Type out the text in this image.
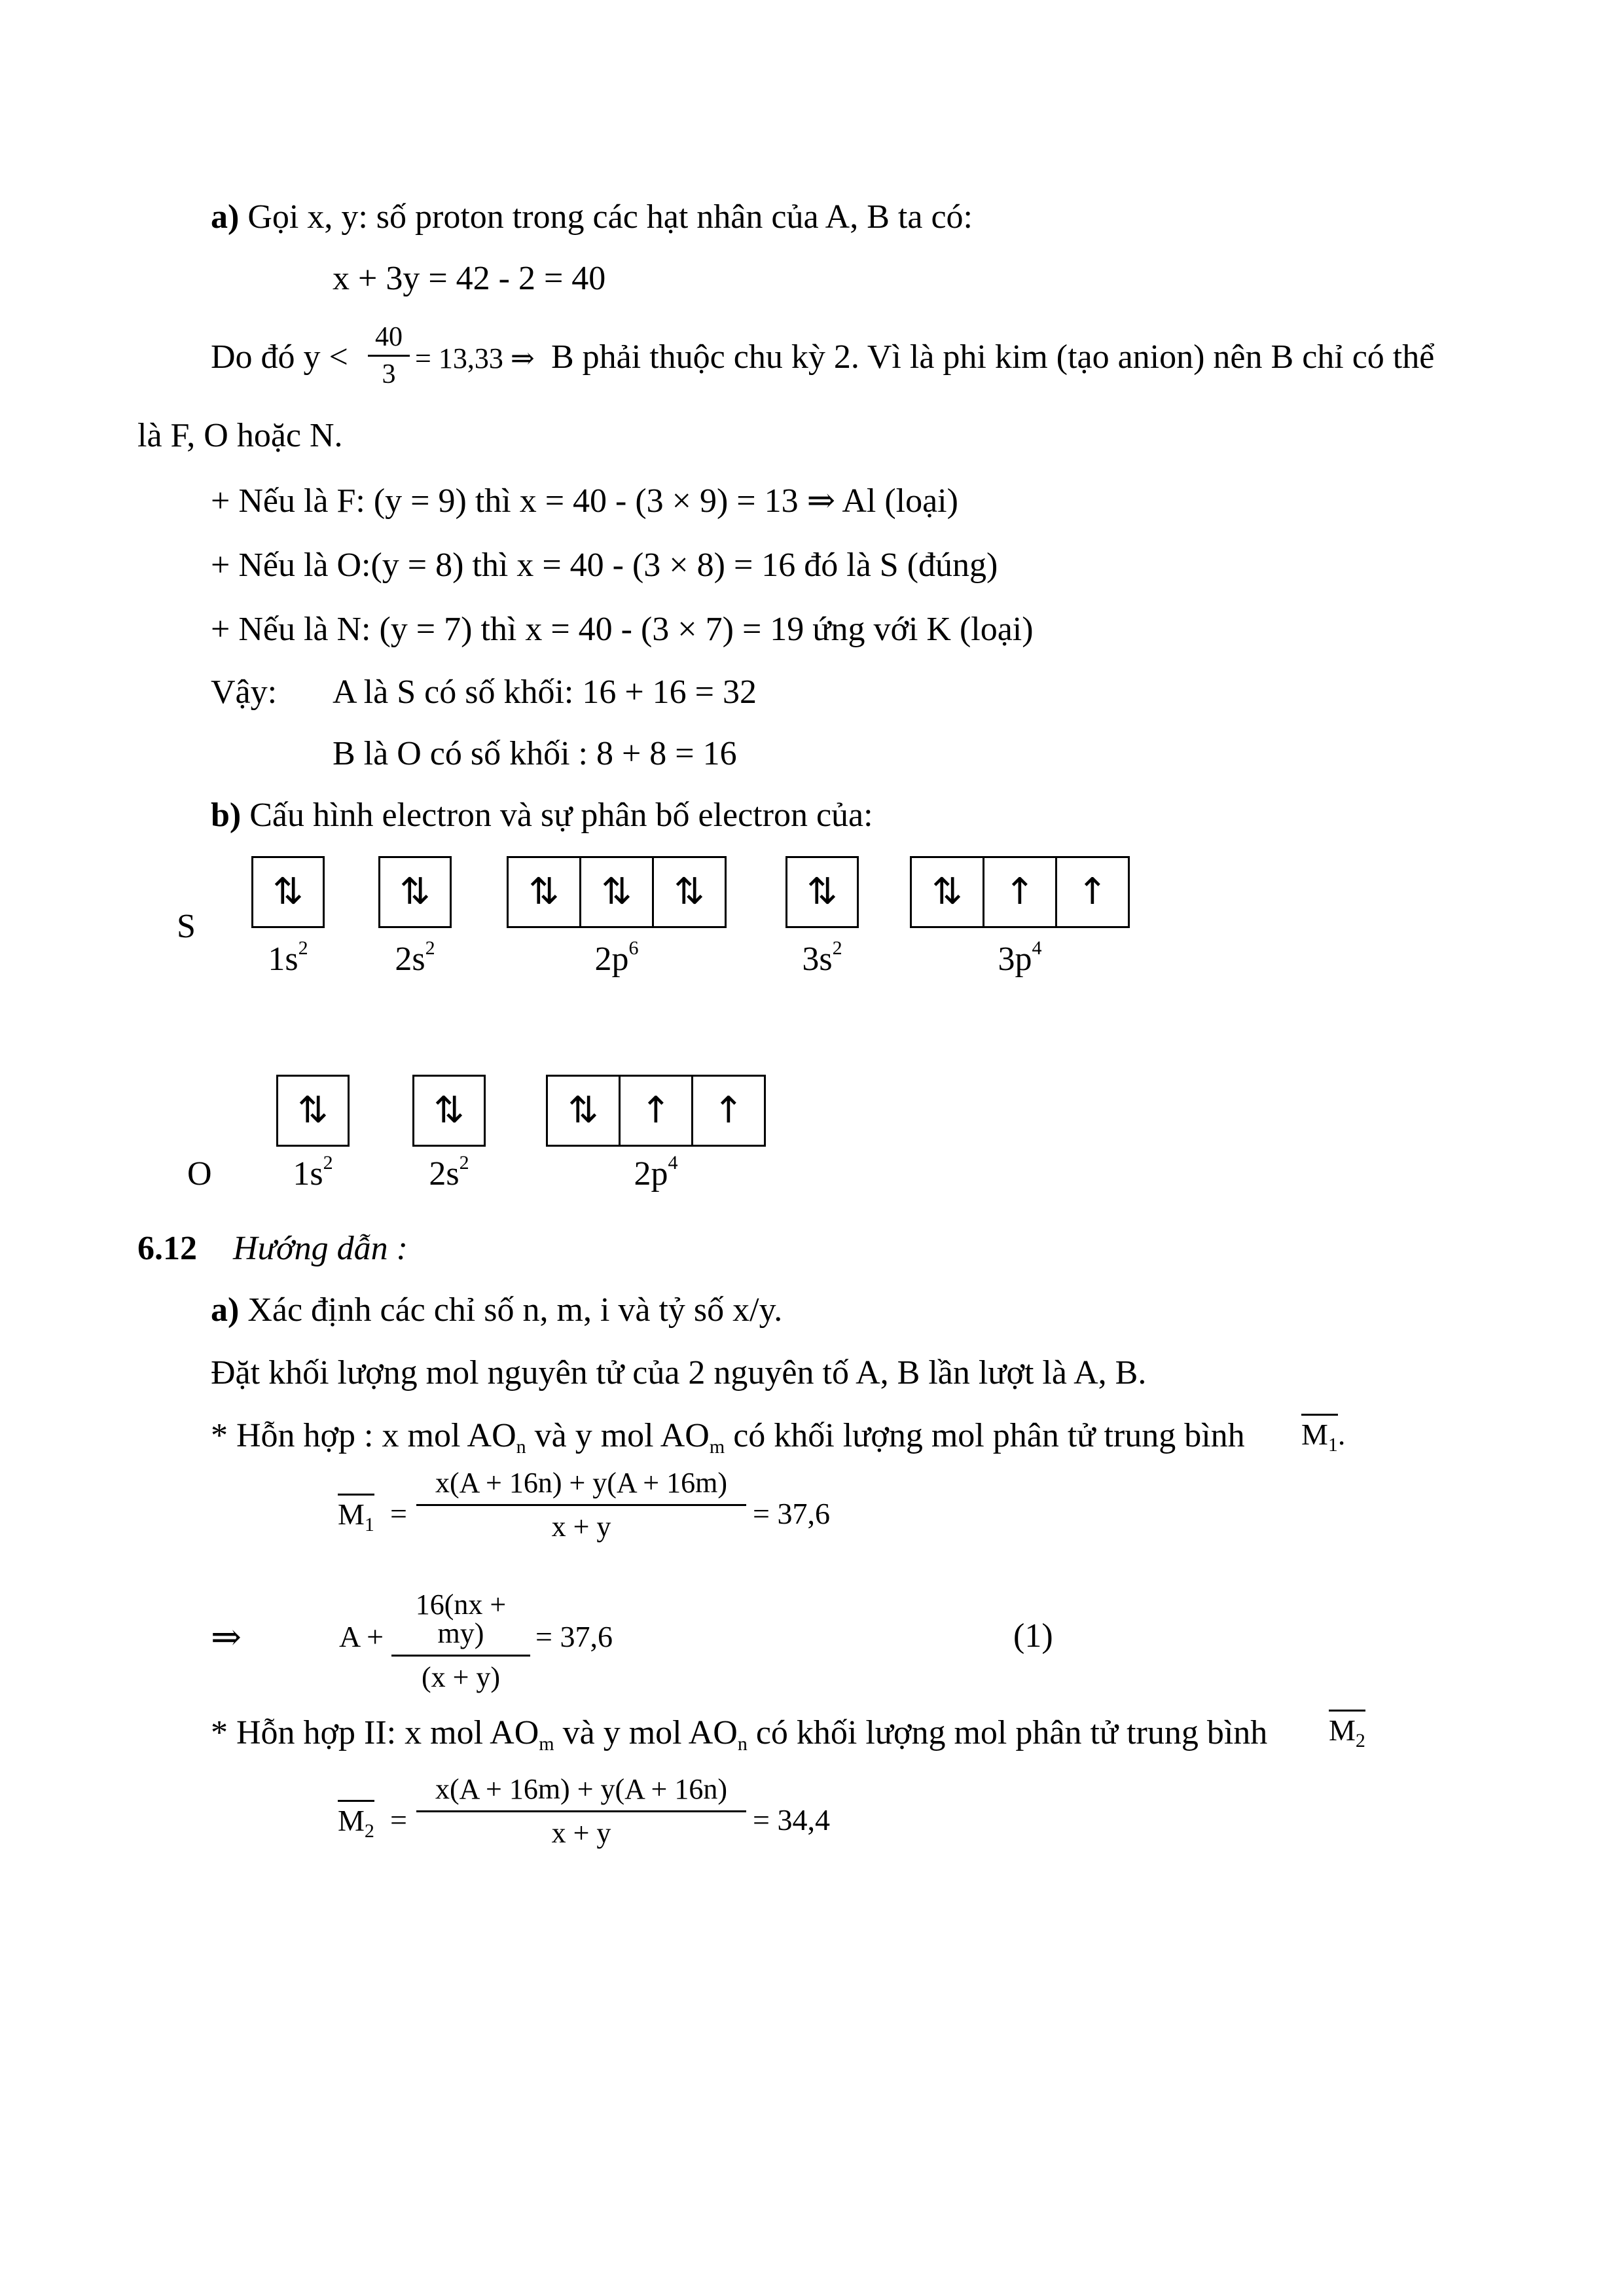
a) Gọi x, y: số proton trong các hạt nhân của A, B ta có:
x + 3y = 42 - 2 = 40
Do đó y <
40
3 = 13,33 ⇒ B phải thuộc chu kỳ 2. Vì là phi kim (tạo anion) nên B chỉ có thể
là F, O hoặc N.
+ Nếu là F: (y = 9) thì x = 40 - (3 × 9) = 13 ⇒ Al (loại)
+ Nếu là O:(y = 8) thì x = 40 - (3 × 8) = 16 đó là S (đúng)
+ Nếu là N: (y = 7) thì x = 40 - (3 × 7) = 19 ứng với K (loại)
Vậy: A là S có số khối: 16 + 16 = 32
B là O có số khối : 8 + 8 = 16
b) Cấu hình electron và sự phân bố electron của:
S
⇅
$1s^2$
⇅
$2s^2$
⇅	⇅	⇅
$2p^6$
⇅
$3s^2$
⇅	↑	↑
$3p^4$
O
⇅
$1s^2$
⇅
$2s^2$
⇅	↑	↑
$2p^4$
6.12 Hướng dẫn :
a) Xác định các chỉ số n, m, i và tỷ số x/y.
Đặt khối lượng mol nguyên tử của 2 nguyên tố A, B lần lượt là A, B.
* Hỗn hợp : x mol $AO_n$ và y mol $AO_m$ có khối lượng mol phân tử trung bình $M_1$.
$M_1$ =
x(A + 16n) + y(A + 16m)
x + y	= 37,6
⇒	A +
16(nx + my)
(x + y)
= 37,6	(1)
* Hỗn hợp II: x mol $AO_m$ và y mol $AO_n$ có khối lượng mol phân tử trung bình $M_2$
$M_2$ =
x(A + 16m) + y(A + 16n)
x + y	= 34,4
